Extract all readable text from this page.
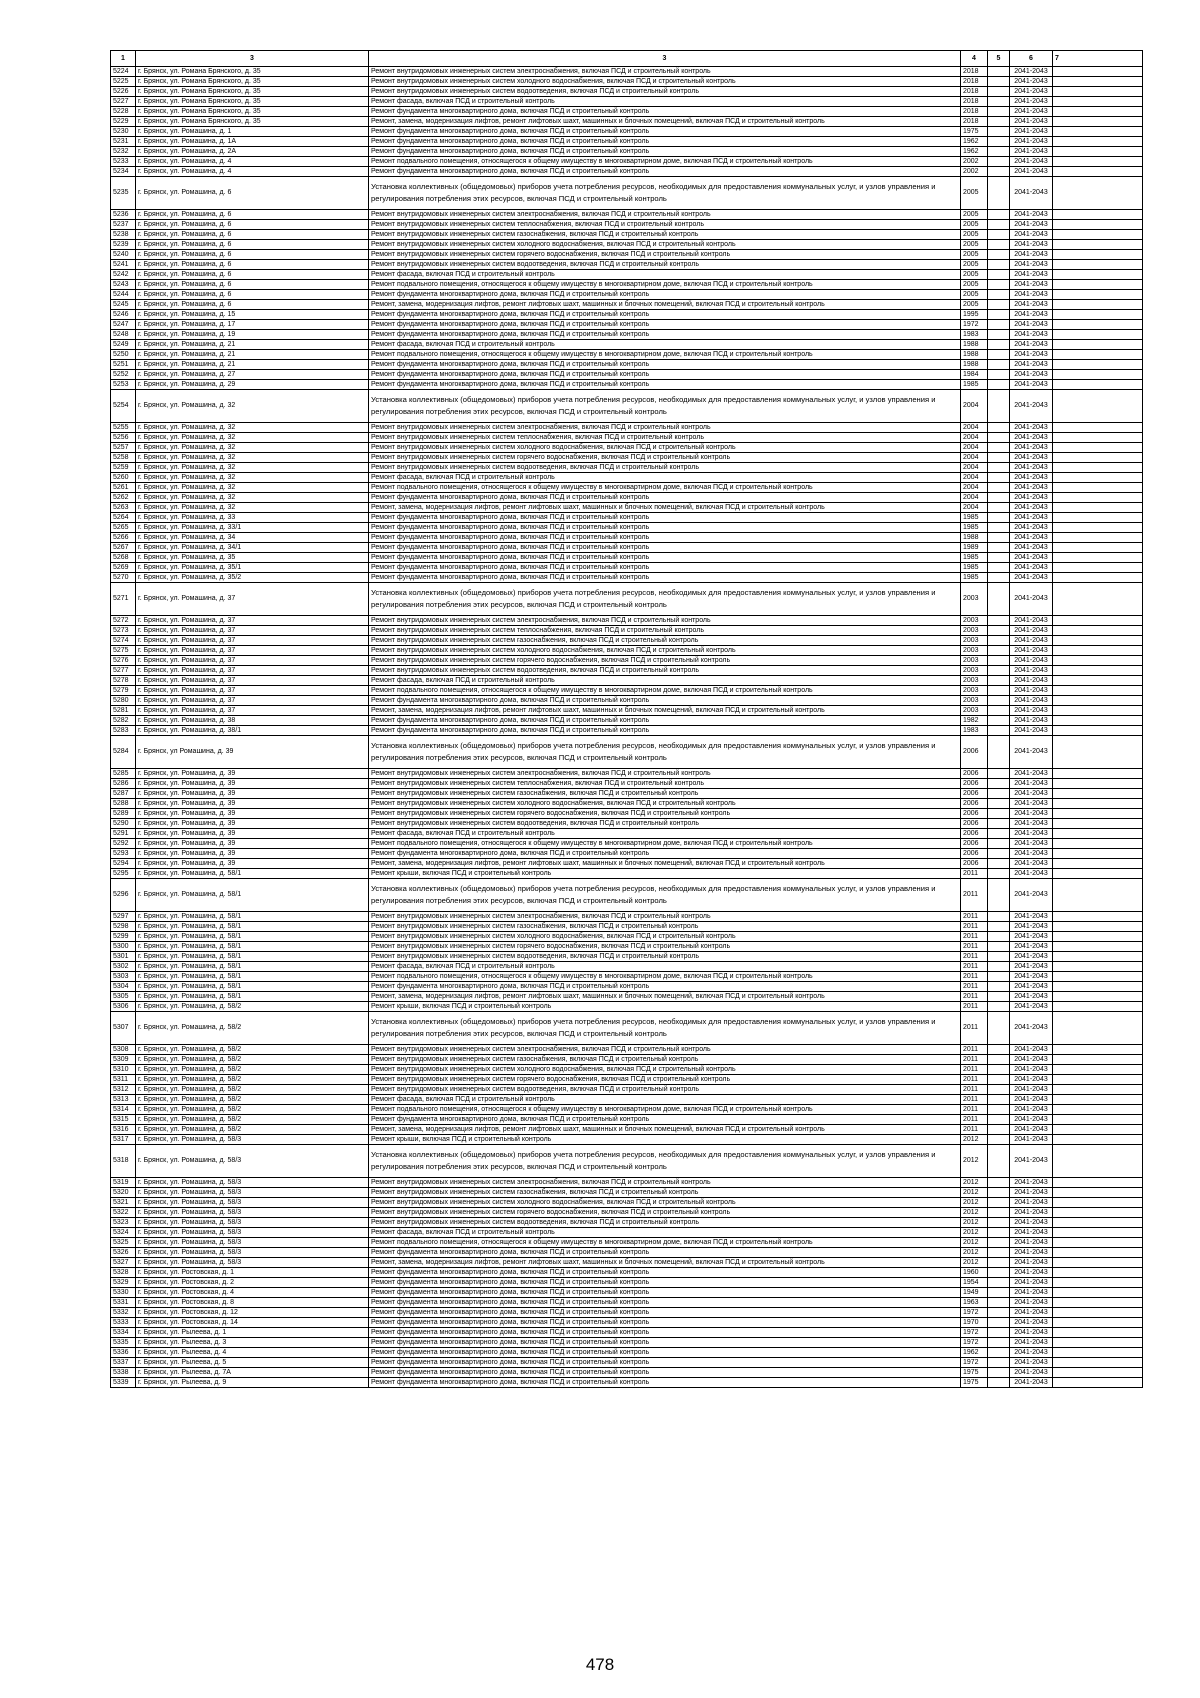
1	3	3	4	5	6	7
5224	г. Брянск, ул. Романа Брянского, д. 35	Ремонт внутридомовых инженерных систем электроснабжения, включая ПСД и строительный контроль	2018		2041-2043	
5225	г. Брянск, ул. Романа Брянского, д. 35	Ремонт внутридомовых инженерных систем холодного водоснабжения, включая ПСД и строительный контроль	2018		2041-2043	
5226	г. Брянск, ул. Романа Брянского, д. 35	Ремонт внутридомовых инженерных систем водоотведения, включая ПСД и строительный контроль	2018		2041-2043	
5227	г. Брянск, ул. Романа Брянского, д. 35	Ремонт фасада, включая ПСД и строительный контроль	2018		2041-2043	
5228	г. Брянск, ул. Романа Брянского, д. 35	Ремонт фундамента многоквартирного дома, включая ПСД и строительный контроль	2018		2041-2043	
5229	г. Брянск, ул. Романа Брянского, д. 35	Ремонт, замена, модернизация лифтов, ремонт лифтовых шахт, машинных и блочных помещений, включая ПСД и строительный контроль	2018		2041-2043	
5230	г. Брянск, ул. Ромашина, д. 1	Ремонт фундамента многоквартирного дома, включая ПСД и строительный контроль	1975		2041-2043	
5231	г. Брянск, ул. Ромашина, д. 1А	Ремонт фундамента многоквартирного дома, включая ПСД и строительный контроль	1962		2041-2043	
5232	г. Брянск, ул. Ромашина, д. 2А	Ремонт фундамента многоквартирного дома, включая ПСД и строительный контроль	1962		2041-2043	
5233	г. Брянск, ул. Ромашина, д. 4	Ремонт подвального помещения, относящегося к общему имуществу в многоквартирном доме, включая ПСД и строительный контроль	2002		2041-2043	
5234	г. Брянск, ул. Ромашина, д. 4	Ремонт фундамента многоквартирного дома, включая ПСД и строительный контроль	2002		2041-2043	
5235	г. Брянск, ул. Ромашина, д. 6	Установка коллективных (общедомовых) приборов учета потребления ресурсов, необходимых для предоставления коммунальных услуг, и узлов управления и регулирования потребления этих ресурсов, включая ПСД и строительный контроль	2005		2041-2043	
5236	г. Брянск, ул. Ромашина, д. 6	Ремонт внутридомовых инженерных систем электроснабжения, включая ПСД и строительный контроль	2005		2041-2043	
5237	г. Брянск, ул. Ромашина, д. 6	Ремонт внутридомовых инженерных систем теплоснабжения, включая ПСД и строительный контроль	2005		2041-2043	
5238	г. Брянск, ул. Ромашина, д. 6	Ремонт внутридомовых инженерных систем газоснабжения, включая ПСД и строительный контроль	2005		2041-2043	
5239	г. Брянск, ул. Ромашина, д. 6	Ремонт внутридомовых инженерных систем холодного водоснабжения, включая ПСД и строительный контроль	2005		2041-2043	
5240	г. Брянск, ул. Ромашина, д. 6	Ремонт внутридомовых инженерных систем горячего водоснабжения, включая ПСД и строительный контроль	2005		2041-2043	
5241	г. Брянск, ул. Ромашина, д. 6	Ремонт внутридомовых инженерных систем водоотведения, включая ПСД и строительный контроль	2005		2041-2043	
5242	г. Брянск, ул. Ромашина, д. 6	Ремонт фасада, включая ПСД и строительный контроль	2005		2041-2043	
5243	г. Брянск, ул. Ромашина, д. 6	Ремонт подвального помещения, относящегося к общему имуществу в многоквартирном доме, включая ПСД и строительный контроль	2005		2041-2043	
5244	г. Брянск, ул. Ромашина, д. 6	Ремонт фундамента многоквартирного дома, включая ПСД и строительный контроль	2005		2041-2043	
5245	г. Брянск, ул. Ромашина, д. 6	Ремонт, замена, модернизация лифтов, ремонт лифтовых шахт, машинных и блочных помещений, включая ПСД и строительный контроль	2005		2041-2043	
5246	г. Брянск, ул. Ромашина, д. 15	Ремонт фундамента многоквартирного дома, включая ПСД и строительный контроль	1995		2041-2043	
5247	г. Брянск, ул. Ромашина, д. 17	Ремонт фундамента многоквартирного дома, включая ПСД и строительный контроль	1972		2041-2043	
5248	г. Брянск, ул. Ромашина, д. 19	Ремонт фундамента многоквартирного дома, включая ПСД и строительный контроль	1983		2041-2043	
5249	г. Брянск, ул. Ромашина, д. 21	Ремонт фасада, включая ПСД и строительный контроль	1988		2041-2043	
5250	г. Брянск, ул. Ромашина, д. 21	Ремонт подвального помещения, относящегося к общему имуществу в многоквартирном доме, включая ПСД и строительный контроль	1988		2041-2043	
5251	г. Брянск, ул. Ромашина, д. 21	Ремонт фундамента многоквартирного дома, включая ПСД и строительный контроль	1988		2041-2043	
5252	г. Брянск, ул. Ромашина, д. 27	Ремонт фундамента многоквартирного дома, включая ПСД и строительный контроль	1984		2041-2043	
5253	г. Брянск, ул. Ромашина, д. 29	Ремонт фундамента многоквартирного дома, включая ПСД и строительный контроль	1985		2041-2043	
5254	г. Брянск, ул. Ромашина, д. 32	Установка коллективных (общедомовых) приборов учета потребления ресурсов, необходимых для предоставления коммунальных услуг, и узлов управления и регулирования потребления этих ресурсов, включая ПСД и строительный контроль	2004		2041-2043	
5255	г. Брянск, ул. Ромашина, д. 32	Ремонт внутридомовых инженерных систем электроснабжения, включая ПСД и строительный контроль	2004		2041-2043	
5256	г. Брянск, ул. Ромашина, д. 32	Ремонт внутридомовых инженерных систем теплоснабжения, включая ПСД и строительный контроль	2004		2041-2043	
5257	г. Брянск, ул. Ромашина, д. 32	Ремонт внутридомовых инженерных систем холодного водоснабжения, включая ПСД и строительный контроль	2004		2041-2043	
5258	г. Брянск, ул. Ромашина, д. 32	Ремонт внутридомовых инженерных систем горячего водоснабжения, включая ПСД и строительный контроль	2004		2041-2043	
5259	г. Брянск, ул. Ромашина, д. 32	Ремонт внутридомовых инженерных систем водоотведения, включая ПСД и строительный контроль	2004		2041-2043	
5260	г. Брянск, ул. Ромашина, д. 32	Ремонт фасада, включая ПСД и строительный контроль	2004		2041-2043	
5261	г. Брянск, ул. Ромашина, д. 32	Ремонт подвального помещения, относящегося к общему имуществу в многоквартирном доме, включая ПСД и строительный контроль	2004		2041-2043	
5262	г. Брянск, ул. Ромашина, д. 32	Ремонт фундамента многоквартирного дома, включая ПСД и строительный контроль	2004		2041-2043	
5263	г. Брянск, ул. Ромашина, д. 32	Ремонт, замена, модернизация лифтов, ремонт лифтовых шахт, машинных и блочных помещений, включая ПСД и строительный контроль	2004		2041-2043	
5264	г. Брянск, ул. Ромашина, д. 33	Ремонт фундамента многоквартирного дома, включая ПСД и строительный контроль	1985		2041-2043	
5265	г. Брянск, ул. Ромашина, д. 33/1	Ремонт фундамента многоквартирного дома, включая ПСД и строительный контроль	1985		2041-2043	
5266	г. Брянск, ул. Ромашина, д. 34	Ремонт фундамента многоквартирного дома, включая ПСД и строительный контроль	1988		2041-2043	
5267	г. Брянск, ул. Ромашина, д. 34/1	Ремонт фундамента многоквартирного дома, включая ПСД и строительный контроль	1989		2041-2043	
5268	г. Брянск, ул. Ромашина, д. 35	Ремонт фундамента многоквартирного дома, включая ПСД и строительный контроль	1985		2041-2043	
5269	г. Брянск, ул. Ромашина, д. 35/1	Ремонт фундамента многоквартирного дома, включая ПСД и строительный контроль	1985		2041-2043	
5270	г. Брянск, ул. Ромашина, д. 35/2	Ремонт фундамента многоквартирного дома, включая ПСД и строительный контроль	1985		2041-2043	
5271	г. Брянск, ул. Ромашина, д. 37	Установка коллективных (общедомовых) приборов учета потребления ресурсов, необходимых для предоставления коммунальных услуг, и узлов управления и регулирования потребления этих ресурсов, включая ПСД и строительный контроль	2003		2041-2043	
5272	г. Брянск, ул. Ромашина, д. 37	Ремонт внутридомовых инженерных систем электроснабжения, включая ПСД и строительный контроль	2003		2041-2043	
5273	г. Брянск, ул. Ромашина, д. 37	Ремонт внутридомовых инженерных систем теплоснабжения, включая ПСД и строительный контроль	2003		2041-2043	
5274	г. Брянск, ул. Ромашина, д. 37	Ремонт внутридомовых инженерных систем газоснабжения, включая ПСД и строительный контроль	2003		2041-2043	
5275	г. Брянск, ул. Ромашина, д. 37	Ремонт внутридомовых инженерных систем холодного водоснабжения, включая ПСД и строительный контроль	2003		2041-2043	
5276	г. Брянск, ул. Ромашина, д. 37	Ремонт внутридомовых инженерных систем горячего водоснабжения, включая ПСД и строительный контроль	2003		2041-2043	
5277	г. Брянск, ул. Ромашина, д. 37	Ремонт внутридомовых инженерных систем водоотведения, включая ПСД и строительный контроль	2003		2041-2043	
5278	г. Брянск, ул. Ромашина, д. 37	Ремонт фасада, включая ПСД и строительный контроль	2003		2041-2043	
5279	г. Брянск, ул. Ромашина, д. 37	Ремонт подвального помещения, относящегося к общему имуществу в многоквартирном доме, включая ПСД и строительный контроль	2003		2041-2043	
5280	г. Брянск, ул. Ромашина, д. 37	Ремонт фундамента многоквартирного дома, включая ПСД и строительный контроль	2003		2041-2043	
5281	г. Брянск, ул. Ромашина, д. 37	Ремонт, замена, модернизация лифтов, ремонт лифтовых шахт, машинных и блочных помещений, включая ПСД и строительный контроль	2003		2041-2043	
5282	г. Брянск, ул. Ромашина, д. 38	Ремонт фундамента многоквартирного дома, включая ПСД и строительный контроль	1982		2041-2043	
5283	г. Брянск, ул. Ромашина, д. 38/1	Ремонт фундамента многоквартирного дома, включая ПСД и строительный контроль	1983		2041-2043	
5284	г. Брянск, ул Ромашина, д. 39	Установка коллективных (общедомовых) приборов учета потребления ресурсов, необходимых для предоставления коммунальных услуг, и узлов управления и регулирования потребления этих ресурсов, включая ПСД и строительный контроль	2006		2041-2043	
5285	г. Брянск, ул. Ромашина, д. 39	Ремонт внутридомовых инженерных систем электроснабжения, включая ПСД и строительный контроль	2006		2041-2043	
5286	г. Брянск, ул. Ромашина, д. 39	Ремонт внутридомовых инженерных систем теплоснабжения, включая ПСД и строительный контроль	2006		2041-2043	
5287	г. Брянск, ул. Ромашина, д. 39	Ремонт внутридомовых инженерных систем газоснабжения, включая ПСД и строительный контроль	2006		2041-2043	
5288	г. Брянск, ул. Ромашина, д. 39	Ремонт внутридомовых инженерных систем холодного водоснабжения, включая ПСД и строительный контроль	2006		2041-2043	
5289	г. Брянск, ул. Ромашина, д. 39	Ремонт внутридомовых инженерных систем горячего водоснабжения, включая ПСД и строительный контроль	2006		2041-2043	
5290	г. Брянск, ул. Ромашина, д. 39	Ремонт внутридомовых инженерных систем водоотведения, включая ПСД и строительный контроль	2006		2041-2043	
5291	г. Брянск, ул. Ромашина, д. 39	Ремонт фасада, включая ПСД и строительный контроль	2006		2041-2043	
5292	г. Брянск, ул. Ромашина, д. 39	Ремонт подвального помещения, относящегося к общему имуществу в многоквартирном доме, включая ПСД и строительный контроль	2006		2041-2043	
5293	г. Брянск, ул. Ромашина, д. 39	Ремонт фундамента многоквартирного дома, включая ПСД и строительный контроль	2006		2041-2043	
5294	г. Брянск, ул. Ромашина, д. 39	Ремонт, замена, модернизация лифтов, ремонт лифтовых шахт, машинных и блочных помещений, включая ПСД и строительный контроль	2006		2041-2043	
5295	г. Брянск, ул. Ромашина, д. 58/1	Ремонт крыши, включая ПСД и строительный контроль	2011		2041-2043	
5296	г. Брянск, ул. Ромашина, д. 58/1	Установка коллективных (общедомовых) приборов учета потребления ресурсов, необходимых для предоставления коммунальных услуг, и узлов управления и регулирования потребления этих ресурсов, включая ПСД и строительный контроль	2011		2041-2043	
5297	г. Брянск, ул. Ромашина, д. 58/1	Ремонт внутридомовых инженерных систем электроснабжения, включая ПСД и строительный контроль	2011		2041-2043	
5298	г. Брянск, ул. Ромашина, д. 58/1	Ремонт внутридомовых инженерных систем газоснабжения, включая ПСД и строительный контроль	2011		2041-2043	
5299	г. Брянск, ул. Ромашина, д. 58/1	Ремонт внутридомовых инженерных систем холодного водоснабжения, включая ПСД и строительный контроль	2011		2041-2043	
5300	г. Брянск, ул. Ромашина, д. 58/1	Ремонт внутридомовых инженерных систем горячего водоснабжения, включая ПСД и строительный контроль	2011		2041-2043	
5301	г. Брянск, ул. Ромашина, д. 58/1	Ремонт внутридомовых инженерных систем водоотведения, включая ПСД и строительный контроль	2011		2041-2043	
5302	г. Брянск, ул. Ромашина, д. 58/1	Ремонт фасада, включая ПСД и строительный контроль	2011		2041-2043	
5303	г. Брянск, ул. Ромашина, д. 58/1	Ремонт подвального помещения, относящегося к общему имуществу в многоквартирном доме, включая ПСД и строительный контроль	2011		2041-2043	
5304	г. Брянск, ул. Ромашина, д. 58/1	Ремонт фундамента многоквартирного дома, включая ПСД и строительный контроль	2011		2041-2043	
5305	г. Брянск, ул. Ромашина, д. 58/1	Ремонт, замена, модернизация лифтов, ремонт лифтовых шахт, машинных и блочных помещений, включая ПСД и строительный контроль	2011		2041-2043	
5306	г. Брянск, ул. Ромашина, д. 58/2	Ремонт крыши, включая ПСД и строительный контроль	2011		2041-2043	
5307	г. Брянск, ул. Ромашина, д. 58/2	Установка коллективных (общедомовых) приборов учета потребления ресурсов, необходимых для предоставления коммунальных услуг, и узлов управления и регулирования потребления этих ресурсов, включая ПСД и строительный контроль	2011		2041-2043	
5308	г. Брянск, ул. Ромашина, д. 58/2	Ремонт внутридомовых инженерных систем электроснабжения, включая ПСД и строительный контроль	2011		2041-2043	
5309	г. Брянск, ул. Ромашина, д. 58/2	Ремонт внутридомовых инженерных систем газоснабжения, включая ПСД и строительный контроль	2011		2041-2043	
5310	г. Брянск, ул. Ромашина, д. 58/2	Ремонт внутридомовых инженерных систем холодного водоснабжения, включая ПСД и строительный контроль	2011		2041-2043	
5311	г. Брянск, ул. Ромашина, д. 58/2	Ремонт внутридомовых инженерных систем горячего водоснабжения, включая ПСД и строительный контроль	2011		2041-2043	
5312	г. Брянск, ул. Ромашина, д. 58/2	Ремонт внутридомовых инженерных систем водоотведения, включая ПСД и строительный контроль	2011		2041-2043	
5313	г. Брянск, ул. Ромашина, д. 58/2	Ремонт фасада, включая ПСД и строительный контроль	2011		2041-2043	
5314	г. Брянск, ул. Ромашина, д. 58/2	Ремонт подвального помещения, относящегося к общему имуществу в многоквартирном доме, включая ПСД и строительный контроль	2011		2041-2043	
5315	г. Брянск, ул. Ромашина, д. 58/2	Ремонт фундамента многоквартирного дома, включая ПСД и строительный контроль	2011		2041-2043	
5316	г. Брянск, ул. Ромашина, д. 58/2	Ремонт, замена, модернизация лифтов, ремонт лифтовых шахт, машинных и блочных помещений, включая ПСД и строительный контроль	2011		2041-2043	
5317	г. Брянск, ул. Ромашина, д. 58/3	Ремонт крыши, включая ПСД и строительный контроль	2012		2041-2043	
5318	г. Брянск, ул. Ромашина, д. 58/3	Установка коллективных (общедомовых) приборов учета потребления ресурсов, необходимых для предоставления коммунальных услуг, и узлов управления и регулирования потребления этих ресурсов, включая ПСД и строительный контроль	2012		2041-2043	
5319	г. Брянск, ул. Ромашина, д. 58/3	Ремонт внутридомовых инженерных систем электроснабжения, включая ПСД и строительный контроль	2012		2041-2043	
5320	г. Брянск, ул. Ромашина, д. 58/3	Ремонт внутридомовых инженерных систем газоснабжения, включая ПСД и строительный контроль	2012		2041-2043	
5321	г. Брянск, ул. Ромашина, д. 58/3	Ремонт внутридомовых инженерных систем холодного водоснабжения, включая ПСД и строительный контроль	2012		2041-2043	
5322	г. Брянск, ул. Ромашина, д. 58/3	Ремонт внутридомовых инженерных систем горячего водоснабжения, включая ПСД и строительный контроль	2012		2041-2043	
5323	г. Брянск, ул. Ромашина, д. 58/3	Ремонт внутридомовых инженерных систем водоотведения, включая ПСД и строительный контроль	2012		2041-2043	
5324	г. Брянск, ул. Ромашина, д. 58/3	Ремонт фасада, включая ПСД и строительный контроль	2012		2041-2043	
5325	г. Брянск, ул. Ромашина, д. 58/3	Ремонт подвального помещения, относящегося к общему имуществу в многоквартирном доме, включая ПСД и строительный контроль	2012		2041-2043	
5326	г. Брянск, ул. Ромашина, д. 58/3	Ремонт фундамента многоквартирного дома, включая ПСД и строительный контроль	2012		2041-2043	
5327	г. Брянск, ул. Ромашина, д. 58/3	Ремонт, замена, модернизация лифтов, ремонт лифтовых шахт, машинных и блочных помещений, включая ПСД и строительный контроль	2012		2041-2043	
5328	г. Брянск, ул. Ростовская, д. 1	Ремонт фундамента многоквартирного дома, включая ПСД и строительный контроль	1960		2041-2043	
5329	г. Брянск, ул. Ростовская, д. 2	Ремонт фундамента многоквартирного дома, включая ПСД и строительный контроль	1954		2041-2043	
5330	г. Брянск, ул. Ростовская, д. 4	Ремонт фундамента многоквартирного дома, включая ПСД и строительный контроль	1949		2041-2043	
5331	г. Брянск, ул. Ростовская, д. 8	Ремонт фундамента многоквартирного дома, включая ПСД и строительный контроль	1963		2041-2043	
5332	г. Брянск, ул. Ростовская, д. 12	Ремонт фундамента многоквартирного дома, включая ПСД и строительный контроль	1972		2041-2043	
5333	г. Брянск, ул. Ростовская, д. 14	Ремонт фундамента многоквартирного дома, включая ПСД и строительный контроль	1970		2041-2043	
5334	г. Брянск, ул. Рылеева, д. 1	Ремонт фундамента многоквартирного дома, включая ПСД и строительный контроль	1972		2041-2043	
5335	г. Брянск, ул. Рылеева, д. 3	Ремонт фундамента многоквартирного дома, включая ПСД и строительный контроль	1972		2041-2043	
5336	г. Брянск, ул. Рылеева, д. 4	Ремонт фундамента многоквартирного дома, включая ПСД и строительный контроль	1962		2041-2043	
5337	г. Брянск, ул. Рылеева, д. 5	Ремонт фундамента многоквартирного дома, включая ПСД и строительный контроль	1972		2041-2043	
5338	г. Брянск, ул. Рылеева, д. 7А	Ремонт фундамента многоквартирного дома, включая ПСД и строительный контроль	1975		2041-2043	
5339	г. Брянск, ул. Рылеева, д. 9	Ремонт фундамента многоквартирного дома, включая ПСД и строительный контроль	1975		2041-2043	
478
